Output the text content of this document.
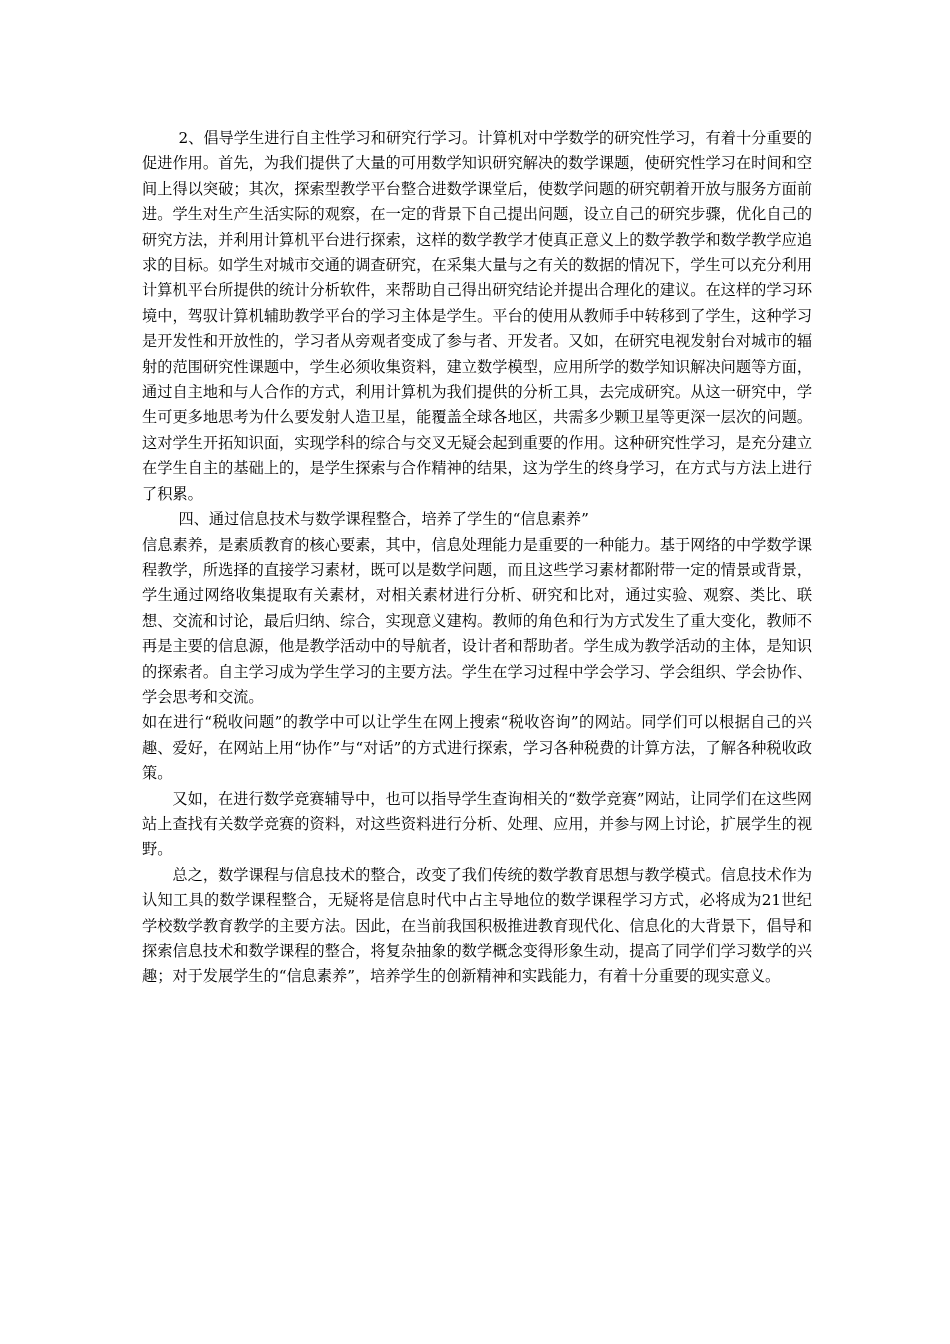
2、倡导学生进行自主性学习和研究行学习。计算机对中学数学的研究性学习，有着十分重要的促进作用。首先，为我们提供了大量的可用数学知识研究解决的数学课题，使研究性学习在时间和空间上得以突破；其次，探索型教学平台整合进数学课堂后，使数学问题的研究朝着开放与服务方面前进。学生对生产生活实际的观察，在一定的背景下自己提出问题，设立自己的研究步骤，优化自己的研究方法，并利用计算机平台进行探索，这样的数学教学才使真正意义上的数学教学和数学教学应追求的目标。如学生对城市交通的调查研究，在采集大量与之有关的数据的情况下，学生可以充分利用计算机平台所提供的统计分析软件，来帮助自己得出研究结论并提出合理化的建议。在这样的学习环境中，驾驭计算机辅助教学平台的学习主体是学生。平台的使用从教师手中转移到了学生，这种学习是开发性和开放性的，学习者从旁观者变成了参与者、开发者。又如，在研究电视发射台对城市的辐射的范围研究性课题中，学生必须收集资料，建立数学模型，应用所学的数学知识解决问题等方面，通过自主地和与人合作的方式，利用计算机为我们提供的分析工具，去完成研究。从这一研究中，学生可更多地思考为什么要发射人造卫星，能覆盖全球各地区，共需多少颗卫星等更深一层次的问题。这对学生开拓知识面，实现学科的综合与交叉无疑会起到重要的作用。这种研究性学习，是充分建立在学生自主的基础上的，是学生探索与合作精神的结果，这为学生的终身学习，在方式与方法上进行了积累。

四、通过信息技术与数学课程整合，培养了学生的“信息素养”

信息素养，是素质教育的核心要素，其中，信息处理能力是重要的一种能力。基于网络的中学数学课程教学，所选择的直接学习素材，既可以是数学问题，而且这些学习素材都附带一定的情景或背景，学生通过网络收集提取有关素材，对相关素材进行分析、研究和比对，通过实验、观察、类比、联想、交流和讨论，最后归纳、综合，实现意义建构。教师的角色和行为方式发生了重大变化，教师不再是主要的信息源，他是教学活动中的导航者，设计者和帮助者。学生成为教学活动的主体，是知识的探索者。自主学习成为学生学习的主要方法。学生在学习过程中学会学习、学会组织、学会协作、学会思考和交流。

如在进行“税收问题”的教学中可以让学生在网上搜索“税收咨询”的网站。同学们可以根据自己的兴趣、爱好，在网站上用“协作”与“对话”的方式进行探索，学习各种税费的计算方法，了解各种税收政策。

又如，在进行数学竞赛辅导中，也可以指导学生查询相关的“数学竞赛”网站，让同学们在这些网站上查找有关数学竞赛的资料，对这些资料进行分析、处理、应用，并参与网上讨论，扩展学生的视野。

总之，数学课程与信息技术的整合，改变了我们传统的数学教育思想与教学模式。信息技术作为认知工具的数学课程整合，无疑将是信息时代中占主导地位的数学课程学习方式，必将成为21世纪学校数学教育教学的主要方法。因此，在当前我国积极推进教育现代化、信息化的大背景下，倡导和探索信息技术和数学课程的整合，将复杂抽象的数学概念变得形象生动，提高了同学们学习数学的兴趣；对于发展学生的“信息素养”，培养学生的创新精神和实践能力，有着十分重要的现实意义。
